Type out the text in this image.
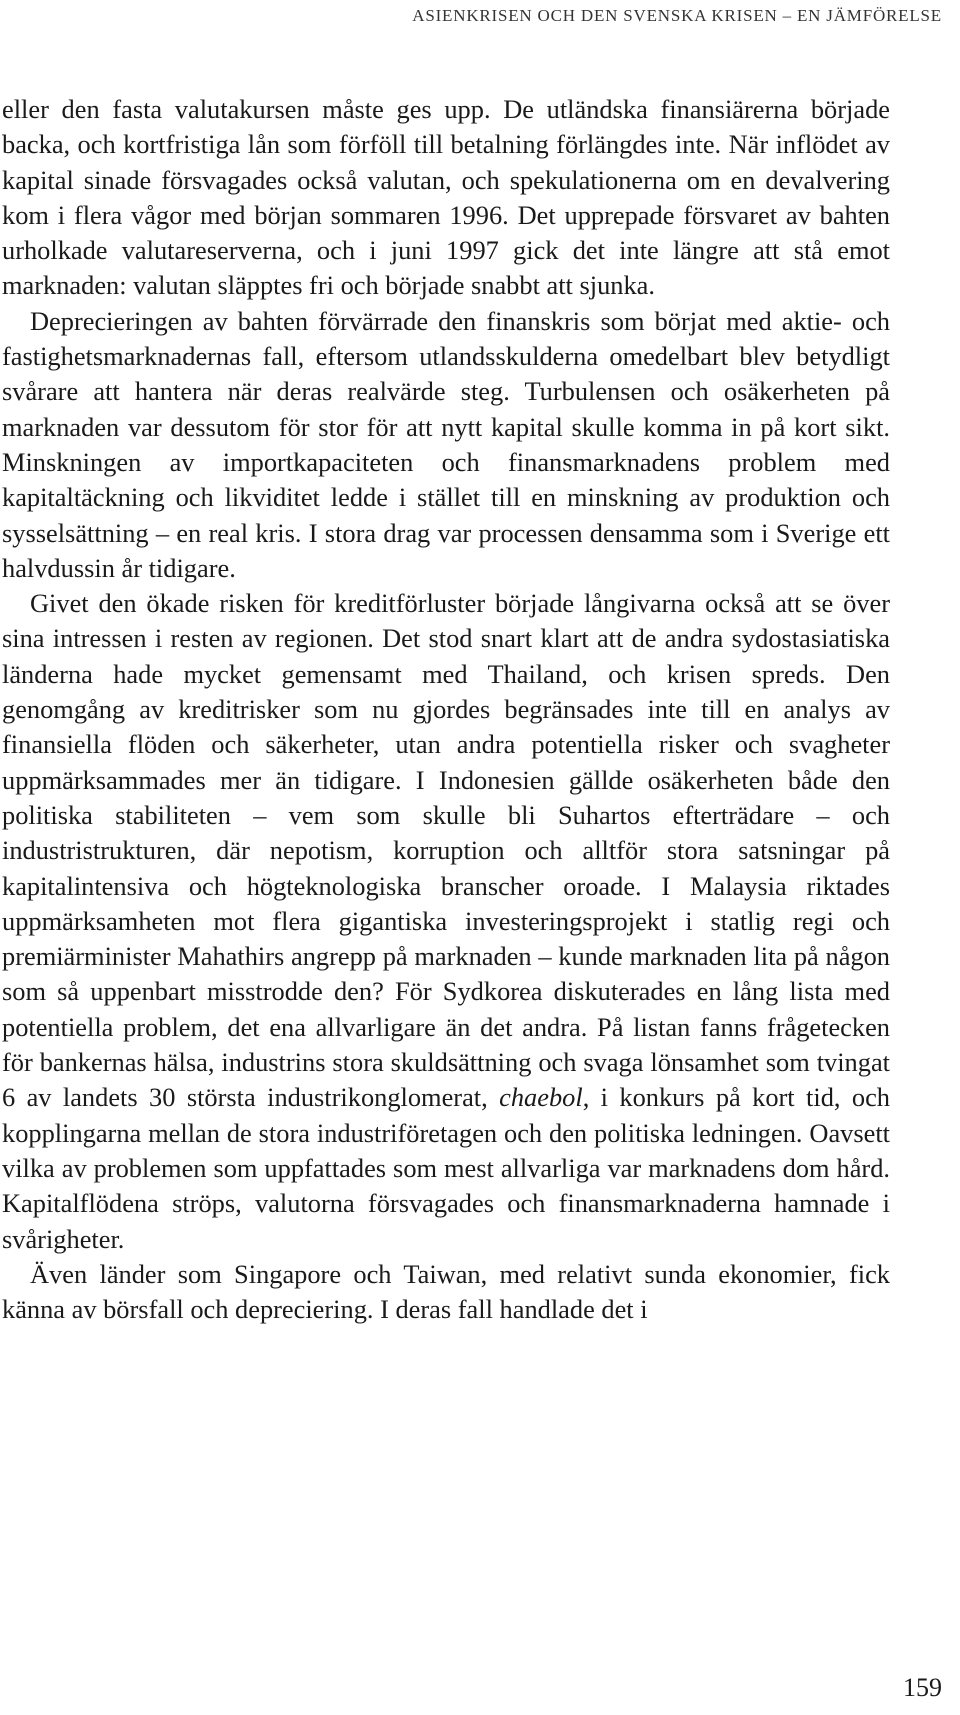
ASIENKRISEN OCH DEN SVENSKA KRISEN – EN JÄMFÖRELSE

eller den fasta valutakursen måste ges upp. De utländska finansiärerna började backa, och kortfristiga lån som förföll till betalning förlängdes inte. När inflödet av kapital sinade försvagades också valutan, och spekulationerna om en devalvering kom i flera vågor med början sommaren 1996. Det upprepade försvaret av bahten urholkade valutareserverna, och i juni 1997 gick det inte längre att stå emot marknaden: valutan släpptes fri och började snabbt att sjunka.

Deprecieringen av bahten förvärrade den finanskris som börjat med aktie- och fastighetsmarknadernas fall, eftersom utlandsskulderna omedelbart blev betydligt svårare att hantera när deras realvärde steg. Turbulensen och osäkerheten på marknaden var dessutom för stor för att nytt kapital skulle komma in på kort sikt. Minskningen av importkapaciteten och finansmarknadens problem med kapitaltäckning och likviditet ledde i stället till en minskning av produktion och sysselsättning – en real kris. I stora drag var processen densamma som i Sverige ett halvdussin år tidigare.

Givet den ökade risken för kreditförluster började långivarna också att se över sina intressen i resten av regionen. Det stod snart klart att de andra sydostasiatiska länderna hade mycket gemensamt med Thailand, och krisen spreds. Den genomgång av kreditrisker som nu gjordes begränsades inte till en analys av finansiella flöden och säkerheter, utan andra potentiella risker och svagheter uppmärksammades mer än tidigare. I Indonesien gällde osäkerheten både den politiska stabiliteten – vem som skulle bli Suhartos efterträdare – och industristrukturen, där nepotism, korruption och alltför stora satsningar på kapitalintensiva och högteknologiska branscher oroade. I Malaysia riktades uppmärksamheten mot flera gigantiska investeringsprojekt i statlig regi och premiärminister Mahathirs angrepp på marknaden – kunde marknaden lita på någon som så uppenbart misstrodde den? För Sydkorea diskuterades en lång lista med potentiella problem, det ena allvarligare än det andra. På listan fanns frågetecken för bankernas hälsa, industrins stora skuldsättning och svaga lönsamhet som tvingat 6 av landets 30 största industrikonglomerat, chaebol, i konkurs på kort tid, och kopplingarna mellan de stora industriföretagen och den politiska ledningen. Oavsett vilka av problemen som uppfattades som mest allvarliga var marknadens dom hård. Kapitalflödena ströps, valutorna försvagades och finansmarknaderna hamnade i svårigheter.

Även länder som Singapore och Taiwan, med relativt sunda ekonomier, fick känna av börsfall och depreciering. I deras fall handlade det i

159
